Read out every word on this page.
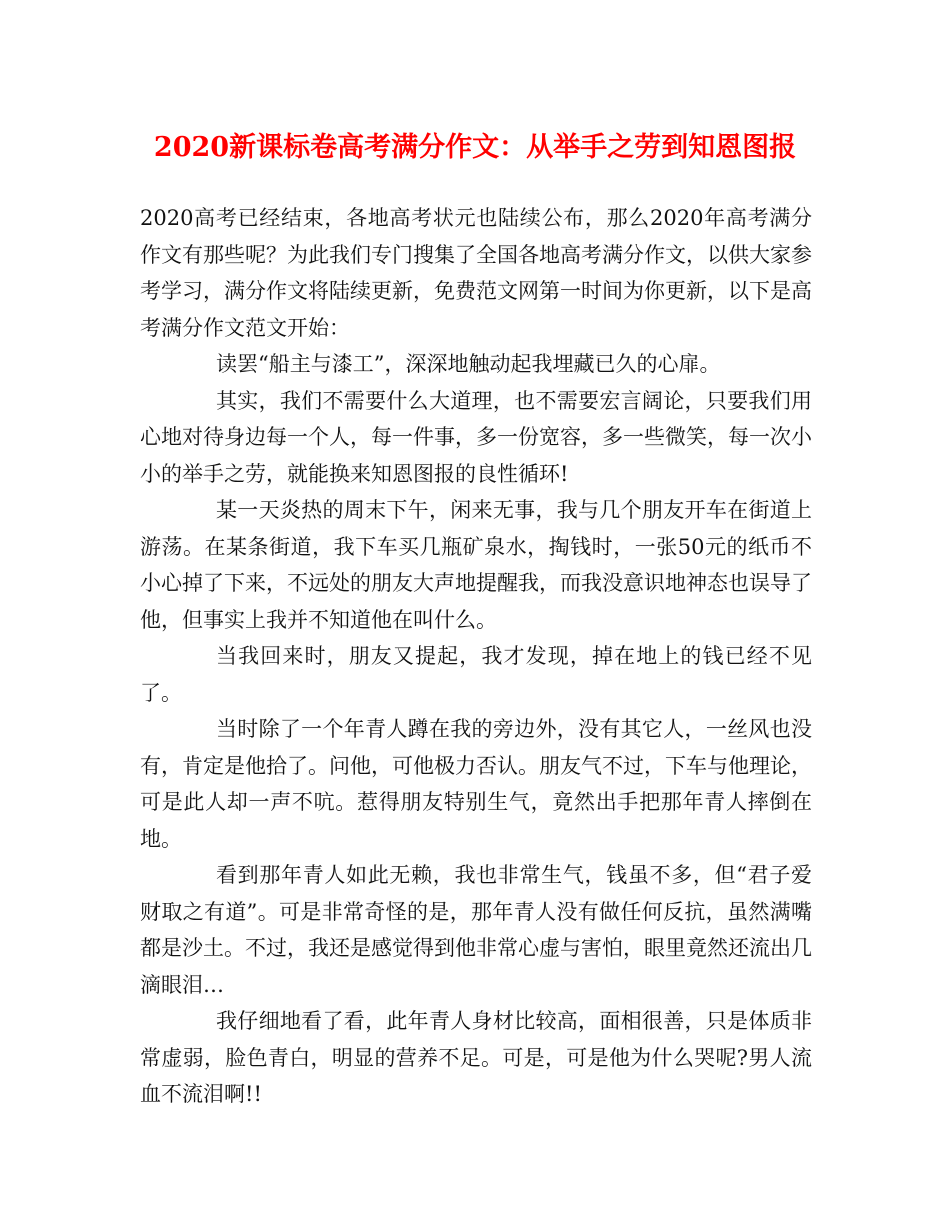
2020新课标卷高考满分作文：从举手之劳到知恩图报

2020高考已经结束，各地高考状元也陆续公布，那么2020年高考满分作文有那些呢？为此我们专门搜集了全国各地高考满分作文，以供大家参考学习，满分作文将陆续更新，免费范文网第一时间为你更新，以下是高考满分作文范文开始：

读罢“船主与漆工”，深深地触动起我埋藏已久的心扉。

其实，我们不需要什么大道理，也不需要宏言阔论，只要我们用心地对待身边每一个人，每一件事，多一份宽容，多一些微笑，每一次小小的举手之劳，就能换来知恩图报的良性循环!

某一天炎热的周末下午，闲来无事，我与几个朋友开车在街道上游荡。在某条街道，我下车买几瓶矿泉水，掏钱时，一张50元的纸币不小心掉了下来，不远处的朋友大声地提醒我，而我没意识地神态也误导了他，但事实上我并不知道他在叫什么。

当我回来时，朋友又提起，我才发现，掉在地上的钱已经不见了。

当时除了一个年青人蹲在我的旁边外，没有其它人，一丝风也没有，肯定是他拾了。问他，可他极力否认。朋友气不过，下车与他理论，可是此人却一声不吭。惹得朋友特别生气，竟然出手把那年青人摔倒在地。

看到那年青人如此无赖，我也非常生气，钱虽不多，但“君子爱财取之有道”。可是非常奇怪的是，那年青人没有做任何反抗，虽然满嘴都是沙土。不过，我还是感觉得到他非常心虚与害怕，眼里竟然还流出几滴眼泪…

我仔细地看了看，此年青人身材比较高，面相很善，只是体质非常虚弱，脸色青白，明显的营养不足。可是，可是他为什么哭呢?男人流血不流泪啊!!
